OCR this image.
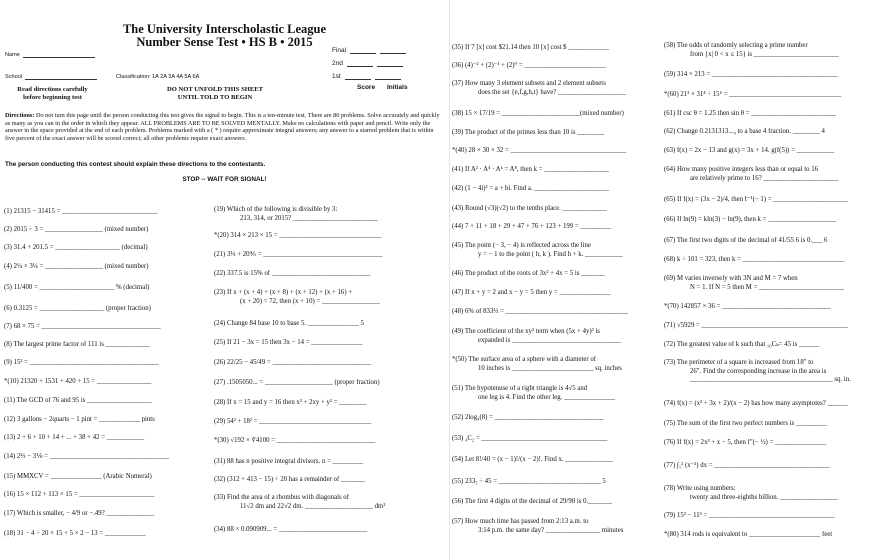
The University Interscholastic League
Number Sense Test • HS B • 2015
Name
School	Classification: 1A 2A 3A 4A 5A 6A
Final
2nd
1st
Score Initials
Read directions carefully
before beginning test
DO NOT UNFOLD THIS SHEET
UNTIL TOLD TO BEGIN
Directions: Do not turn this page until the person conducting this test gives the signal to begin. This is a ten-minute test. There are 80 problems. Solve accurately and quickly as many as you can in the order in which they appear. ALL PROBLEMS ARE TO BE SOLVED MENTALLY. Make no calculations with paper and pencil. Write only the answer in the space provided at the end of each problem. Problems marked with a ( * ) require approximate integral answers; any answer to a starred problem that is within five percent of the exact answer will be scored correct; all other problems require exact answers.
The person conducting this contest should explain these directions to the contestants.
STOP -- WAIT FOR SIGNAL!
(1) 21315 − 31415 = ____________________________
(2) 2015 ÷ 3 = _________________ (mixed number)
(3) 31.4 + 201.5 = ___________________ (decimal)
(4) 2¼ × 3¼ = _________________ (mixed number)
(5) 11/400 = ______________________ % (decimal)
(6) 0.3125 = ___________________ (proper fraction)
(7) 68 × 75 = ___________________________________
(8) The largest prime factor of 111 is _____________
(9) 15² = ______________________________________
*(10) 21320 + 1531 + 420 + 15 = ________________
(11) The GCD of 76 and 95 is ___________________
(12) 3 gallons − 2quarts − 1 pint = ____________ pints
(13) 2 + 6 + 10 + 14 + ... + 38 + 42 = ___________
(14) 2⅔ − 3⅙ = ___________________________________
(15) MMXCV = _______________ (Arabic Numeral)
(16) 15 × 112 + 113 × 15 = ______________________
(17) Which is smaller, − 4/9 or −.49? ______________
(18) 31 − 4 ÷ 20 × 15 + 5 × 2 − 13 = ____________
(19) Which of the following is divisible by 3:
213, 314, or 2015? _________________________
*(20) 314 × 213 × 15 = ______________________________
(21) 3⅓ + 20⅘ = ___________________________________
(22) 337.5 is 15% of _____________________________
(23) If x + (x + 4) + (x + 8) + (x + 12) + (x + 16) +
(x + 20) = 72, then (x + 10) = _________________
(24) Change 84 base 10 to base 5. _______________ 5
(25) If 21 − 3x = 15 then 3x − 14 = _______________
(26) 22/25 − 45/49 = _____________________________
(27) .1505050... = ____________________ (proper fraction)
(28) If x = 15 and y = 16 then x² + 2xy + y² = ________
(29) 54² + 18² = _________________________________
*(30) √192 × ∜4100 = _____________________________
(31) 88 has n positive integral divisors. n = _________
(32) (312 + 413 − 15) ÷ 20 has a remainder of _______
(33) Find the area of a rhombus with diagonals of
11√2 dm and 22√2 dm. ____________________ dm²
(34) 88 × 0.090909... = __________________________
(35) If 7 [x] cost $21.14 then 10 [x] cost $ ____________
(36) (4)⁻² + (2)⁻¹ + (2)⁰ = ________________________
(37) How many 3 element subsets and 2 element subsets
does the set {e,f,g,h,t} have? ____________________
(38) 15 × 17/19 = _______________________(mixed number)
(39) The product of the primes less than 10 is ________
*(40) 28 × 30 × 32 = __________________________________
(41) If A² · A⁴ · Aᵏ = A⁸, then k = ___________________
(42) (1 − 4i)² = a + bi. Find a. ______________________
(43) Round (√3)(√2) to the tenths place. _____________
(44) 7 + 11 + 18 + 29 + 47 + 76 + 123 + 199 = _________
(45) The point (− 3, − 4) is reflected across the line
y = − 1 to the point ( h, k ). Find h + k. ___________
(46) The product of the roots of 3x² + 4x = 5 is _______
(47) If x + y = 2 and x − y = 5 then y = _______________
(48) 6% of 833⅓ = ____________________________________
(49) The coefficient of the xy² term when (5x + 4y)³ is
expanded is ________________________________
*(50) The surface area of a sphere with a diameter of
10 inches is ________________________ sq. inches
(51) The hypotenuse of a right triangle is 4√5 and
one leg is 4. Find the other leg. _______________
(52) 2log₄(8) = ________________________________
(53) ₄C₂ = _____________________________________
(54) Let 8!/40 = (x − 1)!/(x − 2)!. Find x. ______________
(55) 233₅ ÷ 45 = ______________________________ 5
(56) The first 4 digits of the decimal of 29/90 is 0._______
(57) How much time has passed from 2:13 a.m. to
3:14 p.m. the same day? ________________ minutes
(58) The odds of randomly selecting a prime number
from {x| 0 < x ≤ 15} is _________________________
(59) 314 × 213 = _____________________________________
*(60) 21³ × 31⁴ ÷ 15⁶ = _________________________________
(61) If csc θ = 1.25 then sin θ = _________________________
(62) Change 0.2131313...₄ to a base 4 fraction. ________ 4
(63) f(x) = 2x − 13 and g(x) = 3x + 14. g(f(5)) = ___________
(64) How many positive integers less than or equal to 16
are relatively prime to 16? ______________________
(65) If f(x) = (3x − 2)/4, then f⁻¹(− 1) = ______________________
(66) If ln(9) = kln(3) − ln(9), then k = ____________________
(67) The first two digits of the decimal of 41/55 6 is 0.___ 6
(68) k ÷ 101 = 323, then k = ______________________________
(69) M varies inversely with 3N and M = 7 when
N = 1. If N = 5 then M = _________________________
*(70) 142857 × 36 = ________________________________
(71) √5929 = ___________________________________________
(72) The greatest value of k such that ₁₀Cₖ= 45 is ______
(73) The perimeter of a square is increased from 18" to
26". Find the corresponding increase in the area is
__________________________________________ sq. in.
(74) f(x) = (x² + 3x + 2)/(x − 2) has how many asymptotes? ______
(75) The sum of the first two perfect numbers is _________
(76) If f(x) = 2x³ + x − 5, then f″(− ½) = _______________
(77) ∫₁² (x⁻²) dx = __________________________________
(78) Write using numbers:
twenty and three-eighths billion. _________________
(79) 15³ − 11³ = _____________________________________
*(80) 314 rods is equivalent to _____________________ feet
